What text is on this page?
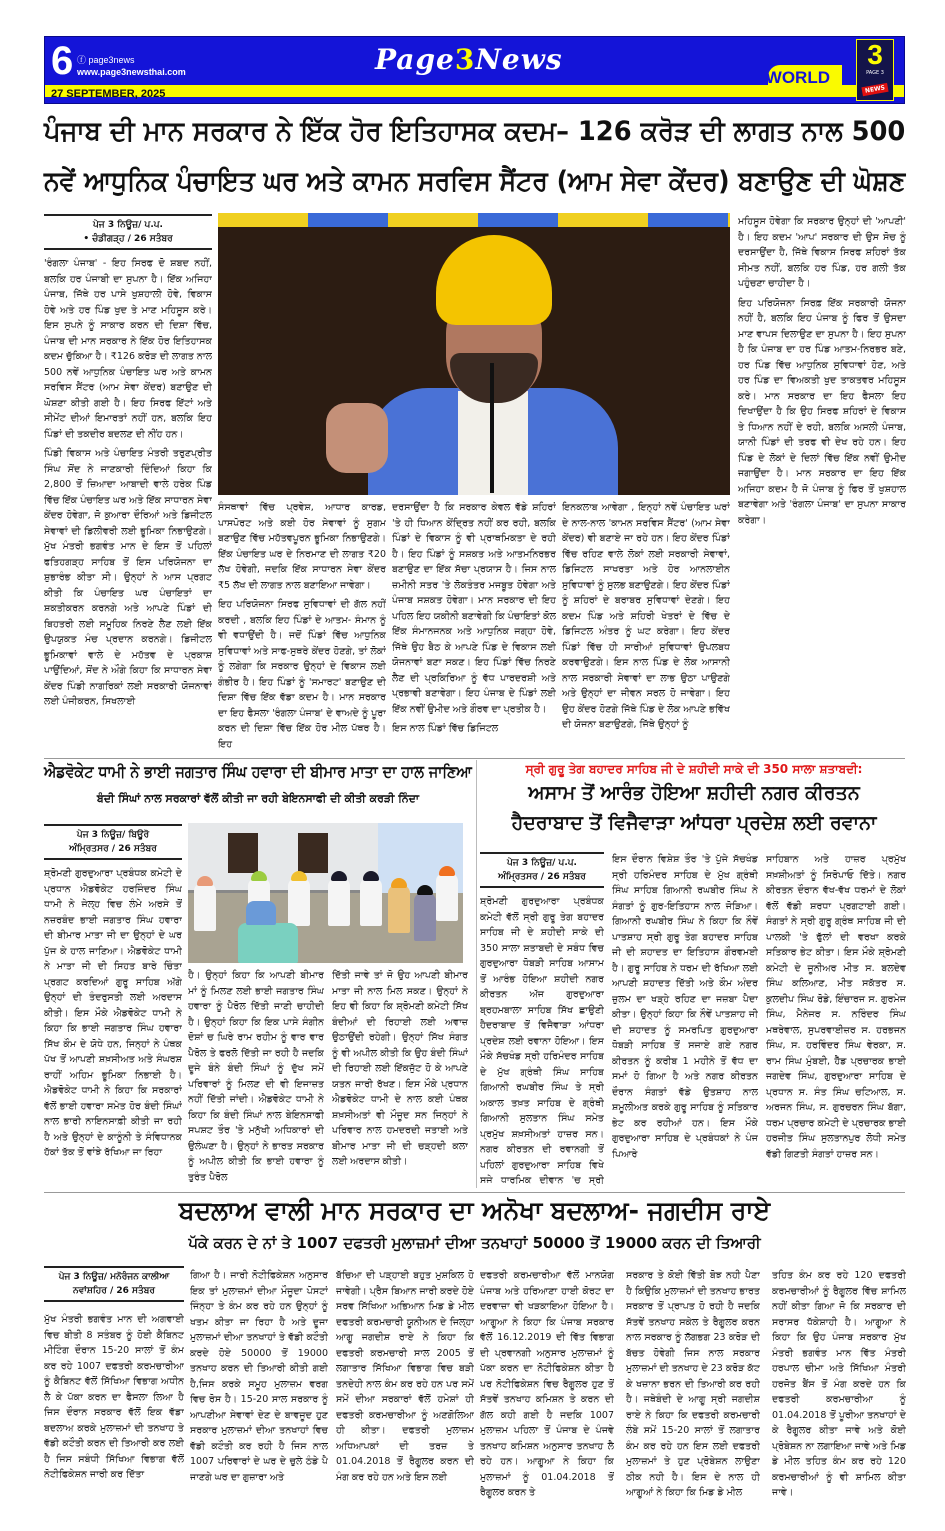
6 ⓕ page3news
www.page3newsthai.com
27 SEPTEMBER, 2025
Page3News
WORLD
3
PAGE 3
NEWS
ਪੰਜਾਬ ਦੀ ਮਾਨ ਸਰਕਾਰ ਨੇ ਇੱਕ ਹੋਰ ਇਤਿਹਾਸਕ ਕਦਮ– 126 ਕਰੋੜ ਦੀ ਲਾਗਤ ਨਾਲ 500
ਨਵੇਂ ਆਧੁਨਿਕ ਪੰਚਾਇਤ ਘਰ ਅਤੇ ਕਾਮਨ ਸਰਵਿਸ ਸੈਂਟਰ (ਆਮ ਸੇਵਾ ਕੇਂਦਰ) ਬਣਾਉਣ ਦੀ ਘੋਸ਼ਣ
ਪੇਜ 3 ਨਿਊਜ਼/ ਪ.ਪ.
• ਚੰਡੀਗੜ੍ਹ / 26 ਸਤੰਬਰ

'ਰੰਗਲਾ ਪੰਜਾਬ' - ਇਹ ਸਿਰਫ ਦੋ ਸ਼ਬਦ ਨਹੀਂ, ਬਲਕਿ ਹਰ ਪੰਜਾਬੀ ਦਾ ਸੁਪਨਾ ਹੈ। ਇੱਕ ਅਜਿਹਾ ਪੰਜਾਬ, ਜਿੱਥੇ ਹਰ ਪਾਸੇ ਖੁਸ਼ਹਾਲੀ ਹੋਵੇ, ਵਿਕਾਸ ਹੋਵੇ ਅਤੇ ਹਰ ਪਿੰਡ ਖੁਦ ਤੇ ਮਾਣ ਮਹਿਸੂਸ ਕਰੇ। ਇਸ ਸੁਪਨੇ ਨੂੰ ਸਾਕਾਰ ਕਰਨ ਦੀ ਦਿਸ਼ਾ ਵਿੱਚ, ਪੰਜਾਬ ਦੀ ਮਾਨ ਸਰਕਾਰ ਨੇ ਇੱਕ ਹੋਰ ਇਤਿਹਾਸਕ ਕਦਮ ਚੁੱਕਿਆ ਹੈ। ₹126 ਕਰੋੜ ਦੀ ਲਾਗਤ ਨਾਲ 500 ਨਵੇਂ ਆਧੁਨਿਕ ਪੰਚਾਇਤ ਘਰ ਅਤੇ ਕਾਮਨ ਸਰਵਿਸ ਸੈਂਟਰ (ਆਮ ਸੇਵਾ ਕੇਂਦਰ) ਬਣਾਉਣ ਦੀ ਘੋਸ਼ਣਾ ਕੀਤੀ ਗਈ ਹੈ। ਇਹ ਸਿਰਫ ਇੱਟਾਂ ਅਤੇ ਸੀਮੇਂਟ ਦੀਆਂ ਇਮਾਰਤਾਂ ਨਹੀਂ ਹਨ, ਬਲਕਿ ਇਹ ਪਿੰਡਾਂ ਦੀ ਤਕਦੀਰ ਬਦਲਣ ਦੀ ਨੀਂਹ ਹਨ।

ਪਿੰਡੀ ਵਿਕਾਸ ਅਤੇ ਪੰਚਾਇਤ ਮੰਤਰੀ ਤਰੁਣਪ੍ਰੀਤ ਸਿੰਘ ਸੋਂਦ ਨੇ ਜਾਣਕਾਰੀ ਦਿੰਦਿਆਂ ਕਿਹਾ ਕਿ 2,800 ਤੋਂ ਜ਼ਿਆਦਾ ਆਬਾਦੀ ਵਾਲੇ ਹਰੇਕ ਪਿੰਡ ਵਿੱਚ ਇੱਕ ਪੰਚਾਇਤ ਘਰ ਅਤੇ ਇੱਕ ਸਾਧਾਰਨ ਸੇਵਾ ਕੇਂਦਰ ਹੋਵੇਗਾ, ਜੋ ਕੁਆਰਾ ਦੌਰਿਆਂ ਅਤੇ ਡਿਜੀਟਲ ਸੇਵਾਵਾਂ ਦੀ ਡਿਲੀਵਰੀ ਲਈ ਭੂਮਿਕਾ ਨਿਭਾਉਣਗੇ। ਮੁੱਖ ਮੰਤਰੀ ਭਗਵੰਤ ਮਾਨ ਦੇ ਇਸ ਤੋਂ ਪਹਿਲਾਂ ਫਤਿਹਗੜ੍ਹ ਸਾਹਿਬ ਤੋਂ ਇਸ ਪਰਿਯੋਜਨਾ ਦਾ ਸ਼ੁਭਾਰੰਭ ਕੀਤਾ ਸੀ। ਉਨ੍ਹਾਂ ਨੇ ਆਸ ਪ੍ਰਗਟ ਕੀਤੀ ਕਿ ਪੰਚਾਇਤ ਘਰ ਪੰਚਾਇਤਾਂ ਦਾ ਸ਼ਕਤੀਕਰਨ ਕਰਨਗੇ ਅਤੇ ਆਪਣੇ ਪਿੰਡਾਂ ਦੀ ਬਿਹਤਰੀ ਲਈ ਸਮੂਹਿਕ ਨਿਰਣੇ ਲੈਣ ਲਈ ਇੱਕ ਉਪਯੁਕਤ ਮੰਚ ਪ੍ਰਦਾਨ ਕਰਨਗੇ। ਡਿਜੀਟਲ ਭੂਮਿਕਾਵਾਂ ਵਾਲੇ ਦੇ ਮਹੱਤਵ ਦੇ ਪ੍ਰਕਾਸ਼ ਪਾਉਂਦਿਆਂ, ਸੋਂਦ ਨੇ ਔਗੇ ਕਿਹਾ ਕਿ ਸਾਧਾਰਨ ਸੇਵਾ ਕੇਂਦਰ ਪਿੰਡੀ ਨਾਗਰਿਕਾਂ ਲਈ ਸਰਕਾਰੀ ਯੋਜਨਾਵਾਂ ਲਈ ਪੰਜੀਕਰਨ, ਸਿਖਲਾਈ

ਸੰਸਥਾਵਾਂ ਵਿੱਚ ਪ੍ਰਵੇਸ਼, ਆਧਾਰ ਕਾਰਡ, ਪਾਸਪੋਰਟ ਅਤੇ ਕਈ ਹੋਰ ਸੇਵਾਵਾਂ ਨੂੰ ਸੁਗਮ ਬਣਾਉਣ ਵਿੱਚ ਮਹੱਤਵਪੂਰਨ ਭੂਮਿਕਾ ਨਿਭਾਉਣਗੇ। ਇੱਕ ਪੰਚਾਇਤ ਘਰ ਦੇ ਨਿਰਮਾਣ ਦੀ ਲਾਗਤ ₹20 ਲੱਖ ਹੋਵੇਗੀ, ਜਦਕਿ ਇੱਕ ਸਾਧਾਰਨ ਸੇਵਾ ਕੇਂਦਰ ₹5 ਲੱਖ ਦੀ ਲਾਗਤ ਨਾਲ ਬਣਾਇਆ ਜਾਵੇਗਾ।

ਇਹ ਪਰਿਯੋਜਨਾ ਸਿਰਫ ਸੁਵਿਧਾਵਾਂ ਦੀ ਗੱਲ ਨਹੀਂ ਕਰਦੀ , ਬਲਕਿ ਇਹ ਪਿੰਡਾਂ ਦੇ ਆਤਮ- ਸੰਮਾਨ ਨੂੰ ਵੀ ਵਧਾਉਂਦੀ ਹੈ। ਜਦੋਂ ਪਿੰਡਾਂ ਵਿੱਚ ਆਧੁਨਿਕ ਸੁਵਿਧਾਵਾਂ ਅਤੇ ਸਾਫ-ਸੁਥਰੇ ਕੇਂਦਰ ਹੋਣਗੇ, ਤਾਂ ਲੋਕਾਂ ਨੂੰ ਲਗੇਗਾ ਕਿ ਸਰਕਾਰ ਉਨ੍ਹਾਂ ਦੇ ਵਿਕਾਸ ਲਈ ਗੰਭੀਰ ਹੈ। ਇਹ ਪਿੰਡਾਂ ਨੂੰ 'ਸਮਾਰਟ' ਬਣਾਉਣ ਦੀ ਦਿਸ਼ਾ ਵਿੱਚ ਇੱਕ ਵੱਡਾ ਕਦਮ ਹੈ। ਮਾਨ ਸਰਕਾਰ ਦਾ ਇਹ ਫੈਸਲਾ 'ਰੰਗਲਾ ਪੰਜਾਬ' ਦੇ ਵਾਅਦੇ ਨੂੰ ਪੂਰਾ ਕਰਨ ਦੀ ਦਿਸ਼ਾ ਵਿੱਚ ਇੱਕ ਹੋਰ ਮੀਲ ਪੱਥਰ ਹੈ। ਇਹ

ਦਰਸਾਉਂਦਾ ਹੈ ਕਿ ਸਰਕਾਰ ਕੇਵਲ ਵੱਡੇ ਸ਼ਹਿਰਾਂ 'ਤੇ ਹੀ ਧਿਆਨ ਕੇਂਦ੍ਰਿਤ ਨਹੀਂ ਕਰ ਰਹੀ, ਬਲਕਿ ਪਿੰਡਾਂ ਦੇ ਵਿਕਾਸ ਨੂੰ ਵੀ ਪ੍ਰਾਥਮਿਕਤਾ ਦੇ ਰਹੀ ਹੈ। ਇਹ ਪਿੰਡਾਂ ਨੂੰ ਸਸ਼ਕਤ ਅਤੇ ਆਤਮਨਿਰਭਰ ਬਣਾਉਣ ਦਾ ਇੱਕ ਸੱਚਾ ਪ੍ਰਯਾਸ ਹੈ। ਜਿਸ ਨਾਲ ਜ਼ਮੀਨੀ ਸਤਰ 'ਤੇ ਲੋਕਤੰਤਰ ਮਜਬੂਤ ਹੋਵੇਗਾ ਅਤੇ ਪੰਜਾਬ ਸਸ਼ਕਤ ਹੋਵੇਗਾ। ਮਾਨ ਸਰਕਾਰ ਦੀ ਇਹ ਪਹਿਲ ਇਹ ਯਕੀਨੀ ਬਣਾਵੇਗੀ ਕਿ ਪੰਚਾਇਤਾਂ ਕੋਲ ਇੱਕ ਸੰਮਾਨਜਨਕ ਅਤੇ ਆਧੁਨਿਕ ਜਗ੍ਹਾ ਹੋਵੇ, ਜਿੱਥੇ ਉਹ ਬੈਠ ਕੇ ਆਪਣੇ ਪਿੰਡ ਦੇ ਵਿਕਾਸ ਲਈ ਯੋਜਨਾਵਾਂ ਬਣਾ ਸਕਣ। ਇਹ ਪਿੰਡਾਂ ਵਿੱਚ ਨਿਰਣੇ ਲੈਣ ਦੀ ਪ੍ਰਕਿਰਿਆ ਨੂੰ ਵੱਧ ਪਾਰਦਰਸ਼ੀ ਅਤੇ ਪ੍ਰਭਾਵੀ ਬਣਾਵੇਗਾ। ਇਹ ਪੰਜਾਬ ਦੇ ਪਿੰਡਾਂ ਲਈ ਇੱਕ ਨਵੀਂ ਉਮੀਦ ਅਤੇ ਗੌਰਵ ਦਾ ਪ੍ਰਤੀਕ ਹੈ।

ਇਸ ਨਾਲ ਪਿੰਡਾਂ ਵਿੱਚ ਡਿਜਿਟਲ

ਇਨਕਲਾਬ ਆਵੇਗਾ , ਇਨ੍ਹਾਂ ਨਵੇਂ ਪੰਚਾਇਤ ਘਰਾਂ ਦੇ ਨਾਲ-ਨਾਲ 'ਕਾਮਨ ਸਰਵਿਸ ਸੈਂਟਰ' (ਆਮ ਸੇਵਾ ਕੇਂਦਰ) ਵੀ ਬਣਾਏ ਜਾ ਰਹੇ ਹਨ। ਇਹ ਕੇਂਦਰ ਪਿੰਡਾਂ ਵਿੱਚ ਰਹਿਣ ਵਾਲੇ ਲੋਕਾਂ ਲਈ ਸਰਕਾਰੀ ਸੇਵਾਵਾਂ, ਡਿਜਿਟਲ ਸਾਖਰਤਾ ਅਤੇ ਹੋਰ ਆਨਲਾਈਨ ਸੁਵਿਧਾਵਾਂ ਨੂੰ ਸੁਲਭ ਬਣਾਉਣਗੇ। ਇਹ ਕੇਂਦਰ ਪਿੰਡਾਂ ਨੂੰ ਸ਼ਹਿਰਾਂ ਦੇ ਬਰਾਬਰ ਸੁਵਿਧਾਵਾਂ ਦੇਣਗੇ। ਇਹ ਕਦਮ ਪਿੰਡ ਅਤੇ ਸ਼ਹਿਰੀ ਖੇਤਰਾਂ ਦੇ ਵਿੱਚ ਦੇ ਡਿਜਿਟਲ ਅੰਤਰ ਨੂੰ ਘਟ ਕਰੇਗਾ। ਇਹ ਕੇਂਦਰ ਪਿੰਡਾਂ ਵਿੱਚ ਹੀ ਸਾਰੀਆਂ ਸੁਵਿਧਾਵਾਂ ਉਪਲਬਧ ਕਰਵਾਉਣਗੇ। ਇਸ ਨਾਲ ਪਿੰਡ ਦੇ ਲੋਕ ਆਸਾਨੀ ਨਾਲ ਸਰਕਾਰੀ ਸੇਵਾਵਾਂ ਦਾ ਲਾਭ ਉਠਾ ਪਾਉਣਗੇ ਅਤੇ ਉਨ੍ਹਾਂ ਦਾ ਜੀਵਨ ਸਰਲ ਹੋ ਜਾਵੇਗਾ। ਇਹ ਉਹ ਕੇਂਦਰ ਹੋਣਗੇ ਜਿੱਥੇ ਪਿੰਡ ਦੇ ਲੋਕ ਆਪਣੇ ਭਵਿੱਖ ਦੀ ਯੋਜਨਾ ਬਣਾਉਣਗੇ, ਜਿੱਥੇ ਉਨ੍ਹਾਂ ਨੂੰ

ਮਹਿਸੂਸ ਹੋਵੇਗਾ ਕਿ ਸਰਕਾਰ ਉਨ੍ਹਾਂ ਦੀ 'ਆਪਣੀ' ਹੈ। ਇਹ ਕਦਮ 'ਆਪ' ਸਰਕਾਰ ਦੀ ਉਸ ਸੋਚ ਨੂੰ ਦਰਸਾਉਂਦਾ ਹੈ, ਜਿੱਥੇ ਵਿਕਾਸ ਸਿਰਫ ਸ਼ਹਿਰਾਂ ਤੱਕ ਸੀਮਤ ਨਹੀਂ, ਬਲਕਿ ਹਰ ਪਿੰਡ, ਹਰ ਗਲੀ ਤੱਕ ਪਹੁੰਚਣਾ ਚਾਹੀਦਾ ਹੈ।

ਇਹ ਪਰਿਯੋਜਨਾ ਸਿਰਫ਼ ਇੱਕ ਸਰਕਾਰੀ ਯੋਜਨਾ ਨਹੀਂ ਹੈ, ਬਲਕਿ ਇਹ ਪੰਜਾਬ ਨੂੰ ਫਿਰ ਤੋਂ ਉਸਦਾ ਮਾਣ ਵਾਪਸ ਦਿਲਾਉਣ ਦਾ ਸੁਪਨਾ ਹੈ। ਇਹ ਸੁਪਨਾ ਹੈ ਕਿ ਪੰਜਾਬ ਦਾ ਹਰ ਪਿੰਡ ਆਤਮ-ਨਿਰਭਰ ਬਣੇ, ਹਰ ਪਿੰਡ ਵਿੱਚ ਆਧੁਨਿਕ ਸੁਵਿਧਾਵਾਂ ਹੋਣ, ਅਤੇ ਹਰ ਪਿੰਡ ਦਾ ਵਿਅਕਤੀ ਖੁਦ ਤਾਕਤਵਰ ਮਹਿਸੂਸ ਕਰੇ। ਮਾਨ ਸਰਕਾਰ ਦਾ ਇਹ ਫੈਸਲਾ ਇਹ ਦਿਖਾਉਂਦਾ ਹੈ ਕਿ ਉਹ ਸਿਰਫ ਸ਼ਹਿਰਾਂ ਦੇ ਵਿਕਾਸ ਤੇ ਧਿਆਨ ਨਹੀਂ ਦੇ ਰਹੀ, ਬਲਕਿ ਅਸਲੀ ਪੰਜਾਬ, ਯਾਨੀ ਪਿੰਡਾਂ ਦੀ ਤਰਫ ਵੀ ਦੇਖ ਰਹੇ ਹਨ। ਇਹ ਪਿੰਡ ਦੇ ਲੋਕਾਂ ਦੇ ਦਿਲਾਂ ਵਿੱਚ ਇੱਕ ਨਵੀਂ ਉਮੀਦ ਜਗਾਉਂਦਾ ਹੈ। ਮਾਨ ਸਰਕਾਰ ਦਾ ਇਹ ਇੱਕ ਅਜਿਹਾ ਕਦਮ ਹੈ ਜੋ ਪੰਜਾਬ ਨੂੰ ਫਿਰ ਤੋਂ ਖੁਸ਼ਹਾਲ ਬਣਾਵੇਗਾ ਅਤੇ 'ਰੰਗਲਾ ਪੰਜਾਬ' ਦਾ ਸੁਪਨਾ ਸਾਕਾਰ ਕਰੇਗਾ।

ਐਡਵੋਕੇਟ ਧਾਮੀ ਨੇ ਭਾਈ ਜਗਤਾਰ ਸਿੰਘ ਹਵਾਰਾ ਦੀ ਬੀਮਾਰ ਮਾਤਾ ਦਾ ਹਾਲ ਜਾਣਿਆ
ਬੰਦੀ ਸਿੰਘਾਂ ਨਾਲ ਸਰਕਾਰਾਂ ਵੱਲੋਂ ਕੀਤੀ ਜਾ ਰਹੀ ਬੇਇਨਸਾਫੀ ਦੀ ਕੀਤੀ ਕਰੜੀ ਨਿੰਦਾ
ਪੇਜ 3 ਨਿਊਜ਼/ ਬਿਊਰੋ
ਅੰਮ੍ਰਿਤਸਰ / 26 ਸਤੰਬਰ
ਸ਼੍ਰੋਮਣੀ ਗੁਰਦੁਆਰਾ ਪ੍ਰਬੰਧਕ ਕਮੇਟੀ ਦੇ ਪ੍ਰਧਾਨ ਐਡਵੋਕੇਟ ਹਰਜਿੰਦਰ ਸਿੰਘ ਧਾਮੀ ਨੇ ਜੇਲ੍ਹ ਵਿਚ ਲੰਮੇ ਅਰਸੇ ਤੋਂ ਨਜ਼ਰਬੰਦ ਭਾਈ ਜਗਤਾਰ ਸਿੰਘ ਹਵਾਰਾ ਦੀ ਬੀਮਾਰ ਮਾਤਾ ਜੀ ਦਾ ਉਨ੍ਹਾਂ ਦੇ ਘਰ ਪੁੱਜ ਕੇ ਹਾਲ ਜਾਣਿਆ। ਐਡਵੋਕੇਟ ਧਾਮੀ ਨੇ ਮਾਤਾ ਜੀ ਦੀ ਸਿਹਤ ਬਾਰੇ ਚਿੰਤਾ ਪ੍ਰਗਟ ਕਰਦਿਆਂ ਗੁਰੂ ਸਾਹਿਬ ਅੱਗੇ ਉਨ੍ਹਾਂ ਦੀ ਤੰਦਰੁਸਤੀ ਲਈ ਅਰਦਾਸ ਕੀਤੀ। ਇਸ ਮੌਕੇ ਐਡਵੋਕੇਟ ਧਾਮੀ ਨੇ ਕਿਹਾ ਕਿ ਭਾਈ ਜਗਤਾਰ ਸਿੰਘ ਹਵਾਰਾ ਸਿੱਖ ਕੌਮ ਦੇ ਯੋਧੇ ਹਨ, ਜਿਨ੍ਹਾਂ ਨੇ ਪੰਥਕ ਪੱਖ ਤੋਂ ਆਪਣੀ ਸ਼ਖ਼ਸੀਅਤ ਅਤੇ ਸੰਘਰਸ਼ ਰਾਹੀਂ ਅਹਿਮ ਭੂਮਿਕਾ ਨਿਭਾਈ ਹੈ। ਐਡਵੋਕੇਟ ਧਾਮੀ ਨੇ ਕਿਹਾ ਕਿ ਸਰਕਾਰਾਂ ਵੱਲੋਂ ਭਾਈ ਹਵਾਰਾ ਸਮੇਤ ਹੋਰ ਬੰਦੀ ਸਿੰਘਾਂ ਨਾਲ ਭਾਰੀ ਨਾਇਨਸਾਫ਼ੀ ਕੀਤੀ ਜਾ ਰਹੀ ਹੈ ਅਤੇ ਉਨ੍ਹਾਂ ਦੇ ਕਾਨੂੰਨੀ ਤੇ ਸੰਵਿਧਾਨਕ ਹੱਕਾਂ ਤੱਕ ਤੋਂ ਵਾਂਝੇ ਰੱਖਿਆ ਜਾ ਰਿਹਾ
ਹੈ। ਉਨ੍ਹਾਂ ਕਿਹਾ ਕਿ ਆਪਣੀ ਬੀਮਾਰ ਮਾਂ ਨੂੰ ਮਿਲਣ ਲਈ ਭਾਈ ਜਗਤਾਰ ਸਿੰਘ ਹਵਾਰਾ ਨੂੰ ਪੈਰੋਲ ਦਿੱਤੀ ਜਾਣੀ ਚਾਹੀਦੀ ਹੈ। ਉਨ੍ਹਾਂ ਕਿਹਾ ਕਿ ਇਕ ਪਾਸੇ ਸੰਗੀਨ ਦੋਸ਼ਾਂ ਚ ਘਿਰੇ ਰਾਮ ਰਹੀਮ ਨੂੰ ਵਾਰ ਵਾਰ ਪੈਰੋਲ ਤੇ ਫਰਲੋ ਦਿੱਤੀ ਜਾ ਰਹੀ ਹੈ ਜਦਕਿ ਦੂਜੇ ਬੰਨੇ ਬੰਦੀ ਸਿੰਘਾਂ ਨੂੰ ਦੁੱਖ ਸਮੇਂ ਪਰਿਵਾਰਾਂ ਨੂੰ ਮਿਲਣ ਦੀ ਵੀ ਇਜਾਜ਼ਤ ਨਹੀਂ ਦਿੱਤੀ ਜਾਂਦੀ। ਐਡਵੋਕੇਟ ਧਾਮੀ ਨੇ ਕਿਹਾ ਕਿ ਬੰਦੀ ਸਿੰਘਾਂ ਨਾਲ ਬੇਇਨਸਾਫੀ ਸਪਸ਼ਟ ਤੌਰ 'ਤੇ ਮਨੁੱਖੀ ਅਧਿਕਾਰਾਂ ਦੀ ਉਲੰਘਣਾ ਹੈ। ਉਨ੍ਹਾਂ ਨੇ ਭਾਰਤ ਸਰਕਾਰ ਨੂੰ ਅਪੀਲ ਕੀਤੀ ਕਿ ਭਾਈ ਹਵਾਰਾ ਨੂੰ ਤੁਰੰਤ ਪੈਰੋਲ
ਦਿੱਤੀ ਜਾਵੇ ਤਾਂ ਜੋ ਉਹ ਆਪਣੀ ਬੀਮਾਰ ਮਾਤਾ ਜੀ ਨਾਲ ਮਿਲ ਸਕਣ। ਉਨ੍ਹਾਂ ਨੇ ਇਹ ਵੀ ਕਿਹਾ ਕਿ ਸ਼੍ਰੋਮਣੀ ਕਮੇਟੀ ਸਿੱਖ ਬੰਦੀਆਂ ਦੀ ਰਿਹਾਈ ਲਈ ਅਵਾਜ਼ ਉਠਾਉਂਦੀ ਰਹੇਗੀ। ਉਨ੍ਹਾਂ ਸਿੱਖ ਸੰਗਤ ਨੂੰ ਵੀ ਅਪੀਲ ਕੀਤੀ ਕਿ ਉਹ ਬੰਦੀ ਸਿੰਘਾਂ ਦੀ ਰਿਹਾਈ ਲਈ ਇੱਕਜੁੱਟ ਹੋ ਕੇ ਆਪਣੇ ਯਤਨ ਜਾਰੀ ਰੱਖਣ। ਇਸ ਮੌਕੇ ਪ੍ਰਧਾਨ ਐਡਵੋਕੇਟ ਧਾਮੀ ਦੇ ਨਾਲ ਕਈ ਪੰਥਕ ਸ਼ਖ਼ਸੀਅਤਾਂ ਵੀ ਮੌਜੂਦ ਸਨ ਜਿਨ੍ਹਾਂ ਨੇ ਪਰਿਵਾਰ ਨਾਲ ਹਮਦਰਦੀ ਜਤਾਈ ਅਤੇ ਬੀਮਾਰ ਮਾਤਾ ਜੀ ਦੀ ਚੜ੍ਹਦੀ ਕਲਾ ਲਈ ਅਰਦਾਸ ਕੀਤੀ।
ਸ੍ਰੀ ਗੁਰੂ ਤੇਗ ਬਹਾਦਰ ਸਾਹਿਬ ਜੀ ਦੇ ਸ਼ਹੀਦੀ ਸਾਕੇ ਦੀ 350 ਸਾਲਾ ਸ਼ਤਾਬਦੀ:
ਅਸਾਮ ਤੋਂ ਆਰੰਭ ਹੋਇਆ ਸ਼ਹੀਦੀ ਨਗਰ ਕੀਰਤਨ
ਹੈਦਰਾਬਾਦ ਤੋਂ ਵਿਜੈਵਾੜਾ ਆਂਧਰਾ ਪ੍ਰਦੇਸ਼ ਲਈ ਰਵਾਨਾ
ਪੇਜ 3 ਨਿਊਜ਼/ ਪ.ਪ.
ਅੰਮ੍ਰਿਤਸਰ / 26 ਸਤੰਬਰ
ਸ਼੍ਰੋਮਣੀ ਗੁਰਦੁਆਰਾ ਪ੍ਰਬੰਧਕ ਕਮੇਟੀ ਵੱਲੋਂ ਸ੍ਰੀ ਗੁਰੂ ਤੇਗ ਬਹਾਦਰ ਸਾਹਿਬ ਜੀ ਦੇ ਸ਼ਹੀਦੀ ਸਾਕੇ ਦੀ 350 ਸਾਲਾ ਸ਼ਤਾਬਦੀ ਦੇ ਸਬੰਧ ਵਿਚ ਗੁਰਦੁਆਰਾ ਧੋਬੜੀ ਸਾਹਿਬ ਆਸਾਮ ਤੋਂ ਆਰੰਭ ਹੋਇਆ ਸ਼ਹੀਦੀ ਨਗਰ ਕੀਰਤਨ ਅੱਜ ਗੁਰਦੁਆਰਾ ਬ੍ਰਹਮਬਾਲਾ ਸਾਹਿਬ ਸਿੱਖ ਛਾਉਣੀ ਹੈਦਰਾਬਾਦ ਤੋਂ ਵਿਜੈਵਾੜਾ ਆਂਧਰਾ ਪ੍ਰਦੇਸ਼ ਲਈ ਰਵਾਨਾ ਹੋਇਆ। ਇਸ ਮੌਕੇ ਸੱਚਖੰਡ ਸ੍ਰੀ ਹਰਿਮੰਦਰ ਸਾਹਿਬ ਦੇ ਮੁੱਖ ਗ੍ਰੰਥੀ ਸਿੰਘ ਸਾਹਿਬ ਗਿਆਨੀ ਰਘਬੀਰ ਸਿੰਘ ਤੇ ਸ੍ਰੀ ਅਕਾਲ ਤਖ਼ਤ ਸਾਹਿਬ ਦੇ ਗ੍ਰੰਥੀ ਗਿਆਨੀ ਸੁਲਤਾਨ ਸਿੰਘ ਸਮੇਤ ਪ੍ਰਮੁੱਖ ਸ਼ਖ਼ਸੀਅਤਾਂ ਹਾਜ਼ਰ ਸਨ। ਨਗਰ ਕੀਰਤਨ ਦੀ ਰਵਾਨਗੀ ਤੋਂ ਪਹਿਲਾਂ ਗੁਰਦੁਆਰਾ ਸਾਹਿਬ ਵਿਖੇ ਸਜੇ ਧਾਰਮਿਕ ਦੀਵਾਨ 'ਚ ਸ੍ਰੀ
ਇਸ ਦੌਰਾਨ ਵਿਸ਼ੇਸ਼ ਤੌਰ 'ਤੇ ਪੁੱਜੇ ਸੱਚਖੰਡ ਸ੍ਰੀ ਹਰਿਮੰਦਰ ਸਾਹਿਬ ਦੇ ਮੁੱਖ ਗ੍ਰੰਥੀ ਸਿੰਘ ਸਾਹਿਬ ਗਿਆਨੀ ਰਘਬੀਰ ਸਿੰਘ ਨੇ ਸੰਗਤਾਂ ਨੂੰ ਗੁਰ-ਇਤਿਹਾਸ ਨਾਲ ਜੋੜਿਆ। ਗਿਆਨੀ ਰਘਬੀਰ ਸਿੰਘ ਨੇ ਕਿਹਾ ਕਿ ਨੌਵੇਂ ਪਾਤਸ਼ਾਹ ਸ੍ਰੀ ਗੁਰੂ ਤੇਗ ਬਹਾਦਰ ਸਾਹਿਬ ਜੀ ਦੀ ਸ਼ਹਾਦਤ ਦਾ ਇਤਿਹਾਸ ਗੌਰਵਮਈ ਹੈ। ਗੁਰੂ ਸਾਹਿਬ ਨੇ ਧਰਮ ਦੀ ਰੱਖਿਆ ਲਈ ਆਪਣੀ ਸ਼ਹਾਦਤ ਦਿੱਤੀ ਅਤੇ ਕੌਮ ਅੰਦਰ ਜ਼ੁਲਮ ਦਾ ਖੜ੍ਹੇ ਰਹਿਣ ਦਾ ਜਜ਼ਬਾ ਪੈਦਾ ਕੀਤਾ। ਉਨ੍ਹਾਂ ਕਿਹਾ ਕਿ ਨੌਵੇਂ ਪਾਤਸ਼ਾਹ ਜੀ ਦੀ ਸ਼ਹਾਦਤ ਨੂੰ ਸਮਰਪਿਤ ਗੁਰਦੁਆਰਾ ਧੋਬੜੀ ਸਾਹਿਬ ਤੋਂ ਸਜਾਏ ਗਏ ਨਗਰ ਕੀਰਤਨ ਨੂੰ ਕਰੀਬ 1 ਮਹੀਨੇ ਤੋਂ ਵੱਧ ਦਾ ਸਮਾਂ ਹੋ ਗਿਆ ਹੈ ਅਤੇ ਨਗਰ ਕੀਰਤਨ ਦੌਰਾਨ ਸੰਗਤਾਂ ਵੱਡੇ ਉਤਸ਼ਾਹ ਨਾਲ ਸ਼ਮੂਲੀਅਤ ਕਰਕੇ ਗੁਰੂ ਸਾਹਿਬ ਨੂੰ ਸਤਿਕਾਰ ਭੇਟ ਕਰ ਰਹੀਆਂ ਹਨ। ਇਸ ਮੌਕੇ ਗੁਰਦੁਆਰਾ ਸਾਹਿਬ ਦੇ ਪ੍ਰਬੰਧਕਾਂ ਨੇ ਪੰਜ ਪਿਆਰੇ
ਸਾਹਿਬਾਨ ਅਤੇ ਹਾਜ਼ਰ ਪ੍ਰਮੁੱਖ ਸਖ਼ਸ਼ੀਅਤਾਂ ਨੂੰ ਸਿਰੋਪਾਓ ਦਿੱਤੇ। ਨਗਰ ਕੀਰਤਨ ਦੌਰਾਨ ਵੱਖ-ਵੱਖ ਧਰਮਾਂ ਦੇ ਲੋਕਾਂ ਵੱਲੋਂ ਵੱਡੀ ਸ਼ਰਧਾ ਪ੍ਰਗਟਾਈ ਗਈ। ਸੰਗਤਾਂ ਨੇ ਸ੍ਰੀ ਗੁਰੂ ਗ੍ਰੰਥ ਸਾਹਿਬ ਜੀ ਦੀ ਪਾਲਕੀ 'ਤੇ ਫੁੱਲਾਂ ਦੀ ਵਰਖਾ ਕਰਕੇ ਸਤਿਕਾਰ ਭੇਟ ਕੀਤਾ। ਇਸ ਮੌਕੇ ਸ਼੍ਰੋਮਣੀ ਕਮੇਟੀ ਦੇ ਜੂਨੀਅਰ ਮੀਤ ਸ. ਬਲਦੇਵ ਸਿੰਘ ਕਲਿਆਣ, ਮੀਤ ਸਕੱਤਰ ਸ. ਕੁਲਦੀਪ ਸਿੰਘ ਰੋਡੇ, ਇੰਚਾਰਜ ਸ. ਗੁਰਮੇਜ ਸਿੰਘ, ਮੈਨੇਜਰ ਸ. ਨਰਿੰਦਰ ਸਿੰਘ ਮਥਰੇਵਾਲ, ਸੁਪਰਵਾਈਜ਼ਰ ਸ. ਹਰਭਜਨ ਸਿੰਘ, ਸ. ਹਰਵਿੰਦਰ ਸਿੰਘ ਵੇਰਕਾ, ਸ. ਰਾਮ ਸਿੰਘ ਮੁੰਬਈ, ਹੈੱਡ ਪ੍ਰਚਾਰਕ ਭਾਈ ਜਗਦੇਵ ਸਿੰਘ, ਗੁਰਦੁਆਰਾ ਸਾਹਿਬ ਦੇ ਪ੍ਰਧਾਨ ਸ. ਸੰਤ ਸਿੰਘ ਚਟਿਆਲ, ਸ. ਅਰਜਨ ਸਿੰਘ, ਸ. ਗੁਰਚਰਨ ਸਿੰਘ ਬੱਗਾ, ਧਰਮ ਪ੍ਰਚਾਰ ਕਮੇਟੀ ਦੇ ਪ੍ਰਚਾਰਕ ਭਾਈ ਹਰਜੀਤ ਸਿੰਘ ਸੁਲਤਾਨਪੁਰ ਲੋਧੀ ਸਮੇਤ ਵੱਡੀ ਗਿਣਤੀ ਸੰਗਤਾਂ ਹਾਜ਼ਰ ਸਨ।
ਬਦਲਾਅ ਵਾਲੀ ਮਾਨ ਸਰਕਾਰ ਦਾ ਅਨੋਖਾ ਬਦਲਾਅ- ਜਗਦੀਸ ਰਾਏ
ਪੱਕੇ ਕਰਨ ਦੇ ਨਾਂ ਤੇ 1007 ਦਫਤਰੀ ਮੁਲਾਜ਼ਮਾਂ ਦੀਆ ਤਨਖਾਹਾਂ 50000 ਤੋਂ 19000 ਕਰਨ ਦੀ ਤਿਆਰੀ
ਪੇਜ 3 ਨਿਊਜ਼/ ਮਨੋਰੰਜਨ ਕਾਲੀਆ
ਨਵਾਂਸ਼ਹਿਰ / 26 ਸਤੰਬਰ
ਮੁੱਖ ਮੰਤਰੀ ਭਗਵੰਤ ਮਾਨ ਦੀ ਅਗਵਾਈ ਵਿਚ ਬੀਤੀ 8 ਸਤੰਬਰ ਨੂੰ ਹੋਈ ਕੈਬਿਨਟ ਮੀਟਿੰਗ ਦੌਰਾਨ 15-20 ਸਾਲਾਂ ਤੋਂ ਕੰਮ ਕਰ ਰਹੇ 1007 ਦਫਤਰੀ ਕਰਮਚਾਰੀਆ ਨੂੰ ਕੈਬਿਨਟ ਵੱਲੋਂ ਸਿੱਖਿਆ ਵਿਭਾਗ ਅਧੀਨ ਲੈ ਕੇ ਪੱਕਾ ਕਰਨ ਦਾ ਫੈਸਲਾ ਲਿਆ ਹੈ ਜਿਸ ਦੌਰਾਨ ਸਰਕਾਰ ਵੱਲੋਂ ਇਕ ਵੱਡਾ ਬਦਲਾਅ ਕਰਕੇ ਮੁਲਾਜ਼ਮਾਂ ਦੀ ਤਨਖਾਹ ਤੇ ਵੱਡੀ ਕਟੌਤੀ ਕਰਨ ਦੀ ਤਿਆਰੀ ਕਰ ਲਈ ਹੈ ਜਿਸ ਸਬੰਧੀ ਸਿੱਖਿਆ ਵਿਭਾਗ ਵੱਲੋਂ ਨੋਟੀਫਿਕੇਸ਼ਨ ਜਾਰੀ ਕਰ ਦਿੱਤਾ
ਗਿਆ ਹੈ। ਜਾਰੀ ਨੋਟੀਫਿਕੇਸ਼ਨ ਅਨੁਸਾਰ ਇਕ ਤਾਂ ਮੁਲਾਜ਼ਮਾਂ ਦੀਆ ਮੌਜੂਦਾ ਪੋਸਟਾਂ ਜਿੰਨ੍ਹਾ ਤੇ ਕੰਮ ਕਰ ਰਹੇ ਹਨ ਉਨ੍ਹਾਂ ਨੂੰ ਖਤਮ ਕੀਤਾ ਜਾ ਰਿਹਾ ਹੈ ਅਤੇ ਦੂਜਾ ਮੁਲਾਜ਼ਮਾਂ ਦੀਆ ਤਨਖਾਹਾਂ ਤੇ ਵੱਡੀ ਕਟੌਤੀ ਕਰਦੇ ਹੋਏ 50000 ਤੋਂ 19000 ਤਨਖਾਹ ਕਰਨ ਦੀ ਤਿਆਰੀ ਕੀਤੀ ਗਈ ਹੈ,ਜਿਸ ਕਰਕੇ ਸਮੂਹ ਮੁਲਾਜ਼ਮ ਵਰਗ ਵਿਚ ਰੋਸ ਹੈ। 15-20 ਸਾਲ ਸਰਕਾਰ ਨੂੰ ਆਪਣੀਆ ਸੇਵਾਵਾਂ ਦੇਣ ਦੇ ਬਾਵਜੂਦ ਹੁਣ ਸਰਕਾਰ ਮੁਲਾਜ਼ਮਾਂ ਦੀਆ ਤਨਖਾਹਾਂ ਵਿਚ ਵੱਡੀ ਕਟੌਤੀ ਕਰ ਰਹੀ ਹੈ ਜਿਸ ਨਾਲ 1007 ਪਰਿਵਾਰਾਂ ਦੇ ਘਰ ਦੇ ਚੁਲੇ ਠੰਡੇ ਪੈ ਜਾਣਗੇ ਘਰ ਦਾ ਗੁਜ਼ਾਰਾ ਅਤੇ
ਬੱਚਿਆ ਦੀ ਪੜ੍ਹਾਈ ਬਹੁਤ ਮੁਸ਼ਕਿਲ ਹੋ ਜਾਵੇਗੀ। ਪ੍ਰੈਸ ਬਿਆਨ ਜਾਰੀ ਕਰਦੇ ਹੋਏ ਸਰਵ ਸਿੱਖਿਆ ਅਭਿਆਨ ਮਿਡ ਡੇ ਮੀਲ ਦਫਤਰੀ ਕਰਮਚਾਰੀ ਯੂਨੀਅਨ ਦੇ ਜਿਲ੍ਹਾ ਆਗੂ ਜਗਦੀਸ਼ ਰਾਏ ਨੇ ਕਿਹਾ ਕਿ ਦਫਤਰੀ ਕਰਮਚਾਰੀ ਸਾਲ 2005 ਤੋਂ ਲਗਾਤਾਰ ਸਿੱਖਿਆ ਵਿਭਾਗ ਵਿਚ ਬੜੀ ਤਨਦੇਹੀ ਨਾਲ ਕੰਮ ਕਰ ਰਹੇ ਹਨ ਪਰ ਸਮੇਂ ਸਮੇਂ ਦੀਆ ਸਰਕਾਰਾਂ ਵੱਲੋਂ ਹਮੇਸ਼ਾਂ ਹੀ ਦਫਤਰੀ ਕਰਮਚਾਰੀਆ ਨੂੰ ਅਣਗੋਲਿਆ ਹੀ ਕੀਤਾ। ਦਫਤਰੀ ਮੁਲਾਜ਼ਮ ਅਧਿਆਪਕਾਂ ਦੀ ਤਰਜ਼ ਤੇ 01.04.2018 ਤੋਂ ਰੈਗੂਲਰ ਕਰਨ ਦੀ ਮੰਗ ਕਰ ਰਹੇ ਹਨ ਅਤੇ ਇਸ ਲਈ
ਦਫਤਰੀ ਕਰਮਚਾਰੀਆ ਵੱਲੋਂ ਮਾਨਯੋਗ ਪੰਜਾਬ ਅਤੇ ਹਰਿਆਣਾ ਹਾਈ ਕੋਰਟ ਦਾ ਦਰਵਾਜ਼ਾ ਵੀ ਖੜਕਾਇਆ ਹੋਇਆ ਹੈ। ਆਗੂਆ ਨੇ ਕਿਹਾ ਕਿ ਪੰਜਾਬ ਸਰਕਾਰ ਵੱਲੋਂ 16.12.2019 ਦੀ ਵਿੱਤ ਵਿਭਾਗ ਦੀ ਪ੍ਰਵਾਨਗੀ ਅਨੁਸਾਰ ਮੁਲਾਜ਼ਮਾਂ ਨੂੰ ਪੱਕਾ ਕਰਨ ਦਾ ਨੋਟੀਫਿਕੇਸ਼ਨ ਕੀਤਾ ਹੈ ਪਰ ਨੋਟੀਫਿਕੇਸ਼ਨ ਵਿਚ ਰੈਗੂਲਰ ਹੁਣ ਤੋਂ ਸੱਤਵੇਂ ਤਨਖਾਹ ਕਮਿਸ਼ਨ ਤੇ ਕਰਨ ਦੀ ਗੱਲ ਕਹੀ ਗਈ ਹੈ ਜਦਕਿ 1007 ਮੁਲਾਜ਼ਮ ਪਹਿਲਾ ਤੋਂ ਪੰਜਾਬ ਦੇ ਪੰਜਵੇ ਤਨਖਾਹ ਕਮਿਸ਼ਨ ਅਨੁਸਾਰ ਤਨਖਾਹ ਲੈ ਰਹੇ ਹਨ। ਆਗੂਆ ਨੇ ਕਿਹਾ ਕਿ ਮੁਲਾਜ਼ਮਾਂ ਨੂੰ 01.04.2018 ਤੋਂ ਰੈਗੂਲਰ ਕਰਨ ਤੇ
ਸਰਕਾਰ ਤੇ ਕੋਈ ਵਿੱਤੀ ਬੋਝ ਨਹੀ ਪੈਣਾ ਹੈ ਕਿਉਕਿ ਮੁਲਾਜ਼ਮਾਂ ਦੀ ਤਨਖਾਹ ਭਾਰਤ ਸਰਕਾਰ ਤੋਂ ਪ੍ਰਾਪਤ ਹੋ ਰਹੀ ਹੈ ਜਦਕਿ ਸੱਤਵੇਂ ਤਨਖਾਹ ਸਕੇਲ ਤੇ ਰੈਗੂਲਰ ਕਰਨ ਨਾਲ ਸਰਕਾਰ ਨੂੰ ਲੱਗਭਗ 23 ਕਰੋੜ ਦੀ ਬੱਚਤ ਹੋਵੇਗੀ ਜਿਸ ਨਾਲ ਸਰਕਾਰ ਮੁਲਾਜ਼ਮਾਂ ਦੀ ਤਨਖਾਹ ਦੇ 23 ਕਰੋੜ ਕੱਟ ਕੇ ਖਜ਼ਾਨਾ ਭਰਨ ਦੀ ਤਿਆਰੀ ਕਰ ਰਹੀ ਹੈ। ਜਥੇਬੰਦੀ ਦੇ ਆਗੂ ਸ੍ਰੀ ਜਗਦੀਸ਼ ਰਾਏ ਨੇ ਕਿਹਾ ਕਿ ਦਫਤਰੀ ਕਰਮਚਾਰੀ ਲੰਬੇ ਸਮੇਂ 15-20 ਸਾਲਾਂ ਤੋਂ ਲਗਾਤਾਰ ਕੰਮ ਕਰ ਰਹੇ ਹਨ ਇਸ ਲਈ ਦਫਤਰੀ ਮੁਲਾਜ਼ਮਾਂ ਤੇ ਹੁਣ ਪ੍ਰੋਬੇਸ਼ਨ ਲਾਉਣਾ ਠੀਕ ਨਹੀ ਹੈ। ਇਸ ਦੇ ਨਾਲ ਹੀ ਆਗੂਆਂ ਨੇ ਕਿਹਾ ਕਿ ਮਿਡ ਡੇ ਮੀਲ
ਤਹਿਤ ਕੰਮ ਕਰ ਰਹੇ 120 ਦਫਤਰੀ ਕਰਮਚਾਰੀਆਂ ਨੂੰ ਰੈਗੂਲਰ ਵਿੱਚ ਸ਼ਾਮਿਲ ਨਹੀਂ ਕੀਤਾ ਗਿਆ ਜੋ ਕਿ ਸਰਕਾਰ ਦੀ ਸਰਾਸਰ ਧੱਕੇਸ਼ਾਹੀ ਹੈ। ਆਗੂਆ ਨੇ ਕਿਹਾ ਕਿ ਉਹ ਪੰਜਾਬ ਸਰਕਾਰ ਮੁੱਖ ਮੰਤਰੀ ਭਗਵੰਤ ਮਾਨ ਵਿੱਤ ਮੰਤਰੀ ਹਰਪਾਲ ਚੀਮਾ ਅਤੇ ਸਿੱਖਿਆ ਮੰਤਰੀ ਹਰਜੋਤ ਬੈਂਸ ਤੋਂ ਮੰਗ ਕਰਦੇ ਹਨ ਕਿ ਦਫਤਰੀ ਕਰਮਚਾਰੀਆ ਨੂੰ 01.04.2018 ਤੋਂ ਪੂਰੀਆ ਤਨਖਾਹਾਂ ਦੇ ਕੇ ਰੈਗੂਲਰ ਕੀਤਾ ਜਾਵੇ ਅਤੇ ਕੋਈ ਪ੍ਰੋਬੇਸ਼ਨ ਨਾ ਲਗਾਇਆ ਜਾਵੇ ਅਤੇ ਮਿਡ ਡੇ ਮੀਲ ਤਹਿਤ ਕੰਮ ਕਰ ਰਹੇ 120 ਕਰਮਚਾਰੀਆਂ ਨੂੰ ਵੀ ਸ਼ਾਮਿਲ ਕੀਤਾ ਜਾਵੇ।
